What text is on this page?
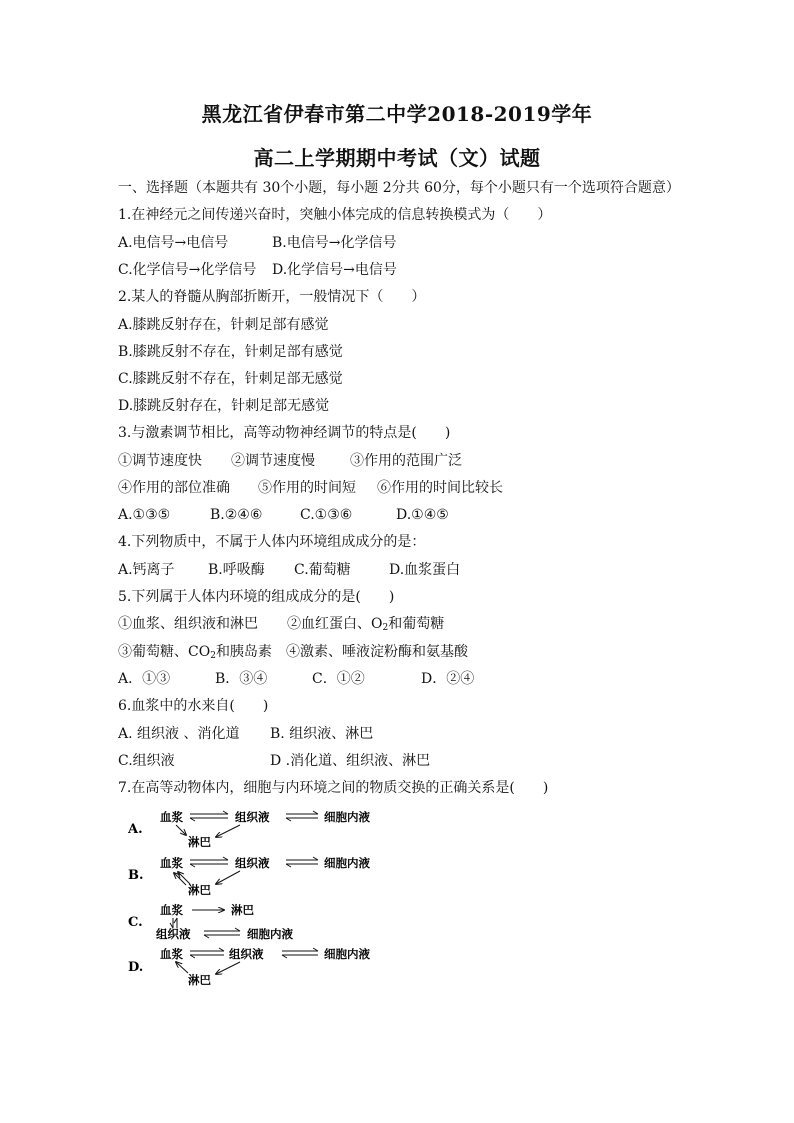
黑龙江省伊春市第二中学2018-2019学年
高二上学期期中考试（文）试题
一、选择题（本题共有 30个小题，每小题 2分共 60分，每个小题只有一个选项符合题意）
1.在神经元之间传递兴奋时，突触小体完成的信息转换模式为（　　）
A.电信号→电信号	B.电信号→化学信号
C.化学信号→化学信号 D.化学信号→电信号
2.某人的脊髓从胸部折断开，一般情况下（　　）
A.膝跳反射存在，针刺足部有感觉
B.膝跳反射不存在，针刺足部有感觉
C.膝跳反射不存在，针刺足部无感觉
D.膝跳反射存在，针刺足部无感觉
3.与激素调节相比，高等动物神经调节的特点是(　　)
①调节速度快 ②调节速度慢	③作用的范围广泛
④作用的部位准确 ⑤作用的时间短 ⑥作用的时间比较长
A.①③⑤	B.②④⑥	C.①③⑥	D.①④⑤
4.下列物质中，不属于人体内环境组成成分的是：
A.钙离子 B.呼吸酶 C.葡萄糖	D.血浆蛋白
5.下列属于人体内环境的组成成分的是(　　)
①血浆、组织液和淋巴 ②血红蛋白、$O_2$和葡萄糖
③葡萄糖、$CO_2$和胰岛素 ④激素、唾液淀粉酶和氨基酸
A．①③	B．③④	C．①②	D．②④
6.血浆中的水来自(　　)
A. 组织液 、消化道 B. 组织液、淋巴
C.组织液	D .消化道、组织液、淋巴
7.在高等动物体内，细胞与内环境之间的物质交换的正确关系是(　　)
A.
血浆	组织液	细胞内液
淋巴
B.
血浆	组织液	细胞内液
淋巴
C.
血浆	淋巴
组织液	细胞内液
D.
血浆	组织液	细胞内液
淋巴
